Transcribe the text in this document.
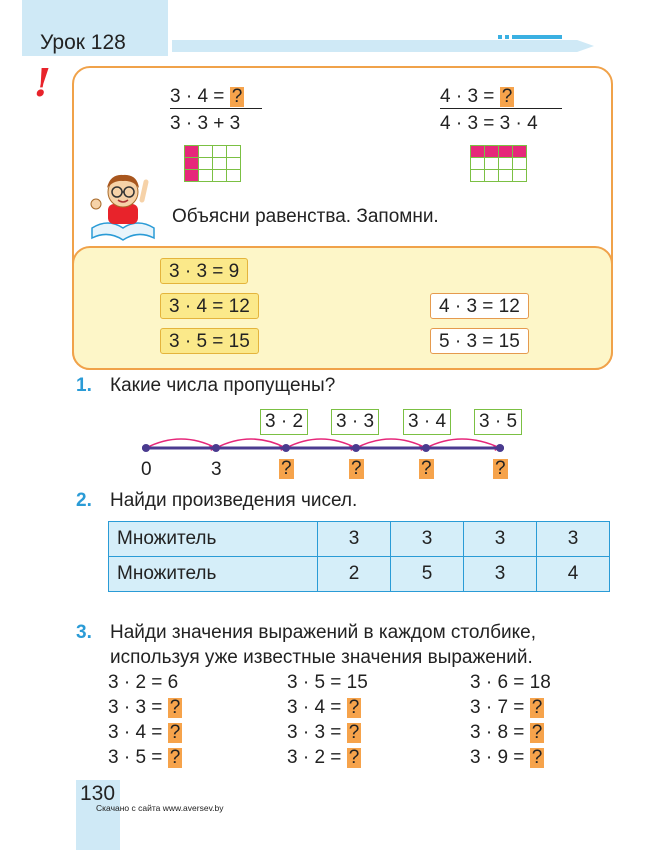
Урок 128
!	3 · 4 = ?
3 · 3 + 3
4 · 3 = ?
4 · 3 = 3 · 4

Объясни равенства. Запомни.
3 · 3 = 9
3 · 4 = 12
3 · 5 = 15
4 · 3 = 12
5 · 3 = 15
1. Какие числа пропущены?
3 · 2 3 · 3 3 · 4 3 · 5
0	3	?	?	?	?
2. Найди произведения чисел.
Множитель	3	3	3	3
Множитель	2	5	3	4
3. Найди значения выражений в каждом столбике,
используя уже известные значения выражений.
3 · 2 = 6
3 · 3 = ?
3 · 4 = ?
3 · 5 = ?
3 · 5 = 15
3 · 4 = ?
3 · 3 = ?
3 · 2 = ?
3 · 6 = 18
3 · 7 = ?
3 · 8 = ?
3 · 9 = ?
130
Скачано с сайта www.aversev.by
